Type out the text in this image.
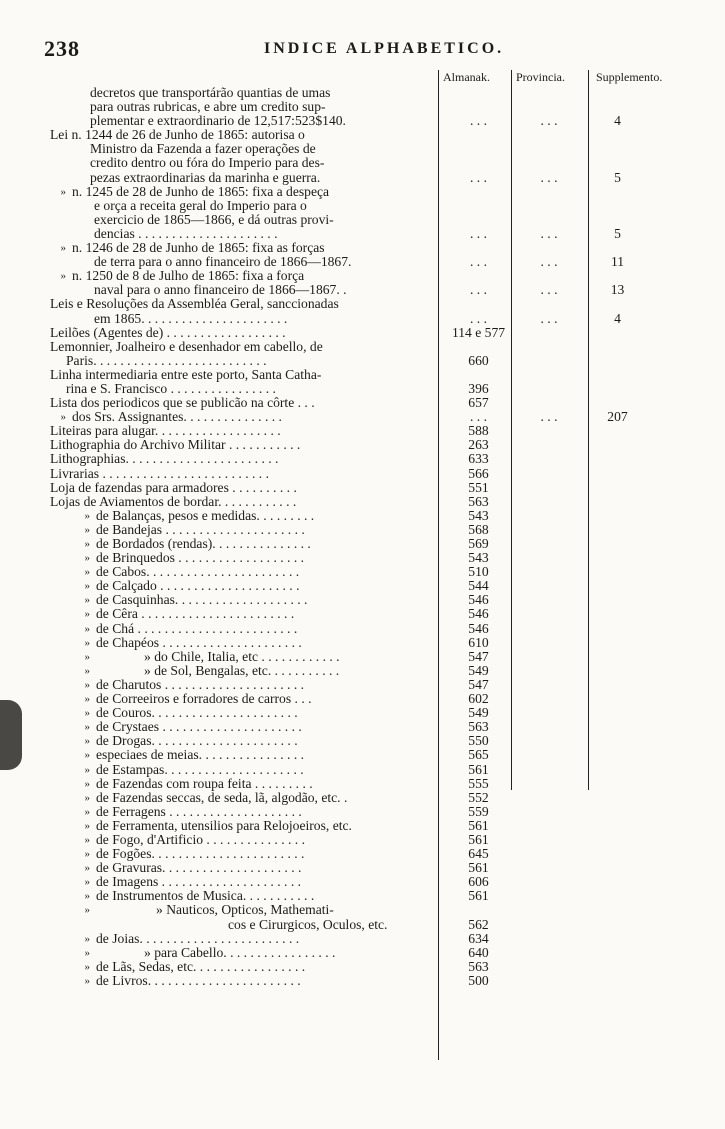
238	INDICE ALPHABETICO.
Almanak. Provincia.	Supplemento.
decretos que transportárão quantias de umas
para outras rubricas, e abre um credito sup-
plementar e extraordinario de 12,517:523$140.	. . .	. . .	4
Lei n. 1244 de 26 de Junho de 1865: autorisa o
Ministro da Fazenda a fazer operações de
credito dentro ou fóra do Imperio para des-
pezas extraordinarias da marinha e guerra.	. . .	. . .	5
» n. 1245 de 28 de Junho de 1865: fixa a despeça
e orça a receita geral do Imperio para o
exercicio de 1865—1866, e dá outras provi-
dencias . . . . . . . . . . . . . . . . . . . . .	. . .	. . .	5
» n. 1246 de 28 de Junho de 1865: fixa as forças
de terra para o anno financeiro de 1866—1867.	. . .	. . .	11
» n. 1250 de 8 de Julho de 1865: fixa a força
naval para o anno financeiro de 1866—1867. .	. . .	. . .	13
Leis e Resoluções da Assembléa Geral, sanccionadas
em 1865. . . . . . . . . . . . . . . . . . . . . .	. . .	. . .	4
Leilões (Agentes de) . . . . . . . . . . . . . . . . . .	114 e 577
Lemonnier, Joalheiro e desenhador em cabello, de
Paris. . . . . . . . . . . . . . . . . . . . . . . . . .	660
Linha intermediaria entre este porto, Santa Catha-
rina e S. Francisco . . . . . . . . . . . . . . . .	396
Lista dos periodicos que se publicão na côrte . . .	657
» dos Srs. Assignantes. . . . . . . . . . . . . . .	. . .	. . .	207
Liteiras para alugar. . . . . . . . . . . . . . . . . . .	588
Lithographia do Archivo Militar . . . . . . . . . . .	263
Lithographias. . . . . . . . . . . . . . . . . . . . . . .	633
Livrarias . . . . . . . . . . . . . . . . . . . . . . . . .	566
Loja de fazendas para armadores . . . . . . . . . .	551
Lojas de Aviamentos de bordar. . . . . . . . . . . .	563
» de Balanças, pesos e medidas. . . . . . . . .	543
» de Bandejas . . . . . . . . . . . . . . . . . . . . .	568
» de Bordados (rendas). . . . . . . . . . . . . . .	569
» de Brinquedos . . . . . . . . . . . . . . . . . . .	543
» de Cabos. . . . . . . . . . . . . . . . . . . . . . .	510
» de Calçado . . . . . . . . . . . . . . . . . . . . .	544
» de Casquinhas. . . . . . . . . . . . . . . . . . . .	546
» de Cêra . . . . . . . . . . . . . . . . . . . . . . .	546
» de Chá . . . . . . . . . . . . . . . . . . . . . . . .	546
» de Chapéos . . . . . . . . . . . . . . . . . . . . .	610
»	» do Chile, Italia, etc . . . . . . . . . . . .	547
»	» de Sol, Bengalas, etc. . . . . . . . . . .	549
» de Charutos . . . . . . . . . . . . . . . . . . . . .	547
» de Correeiros e forradores de carros . . .	602
» de Couros. . . . . . . . . . . . . . . . . . . . . .	549
» de Crystaes . . . . . . . . . . . . . . . . . . . . .	563
» de Drogas. . . . . . . . . . . . . . . . . . . . . .	550
» especiaes de meias. . . . . . . . . . . . . . . .	565
» de Estampas. . . . . . . . . . . . . . . . . . . . .	561
» de Fazendas com roupa feita . . . . . . . . .	555
» de Fazendas seccas, de seda, lã, algodão, etc. .	552
» de Ferragens . . . . . . . . . . . . . . . . . . . .	559
» de Ferramenta, utensilios para Relojoeiros, etc.	561
» de Fogo, d'Artificio . . . . . . . . . . . . . . .	561
» de Fogões. . . . . . . . . . . . . . . . . . . . . . .	645
» de Gravuras. . . . . . . . . . . . . . . . . . . . .	561
» de Imagens . . . . . . . . . . . . . . . . . . . . .	606
» de Instrumentos de Musica. . . . . . . . . . .	561
»	» Nauticos, Opticos, Mathemati-
cos e Cirurgicos, Oculos, etc.	562
» de Joias. . . . . . . . . . . . . . . . . . . . . . . .	634
»	» para Cabello. . . . . . . . . . . . . . . . .	640
» de Lãs, Sedas, etc. . . . . . . . . . . . . . . . .	563
» de Livros. . . . . . . . . . . . . . . . . . . . . . .	500
